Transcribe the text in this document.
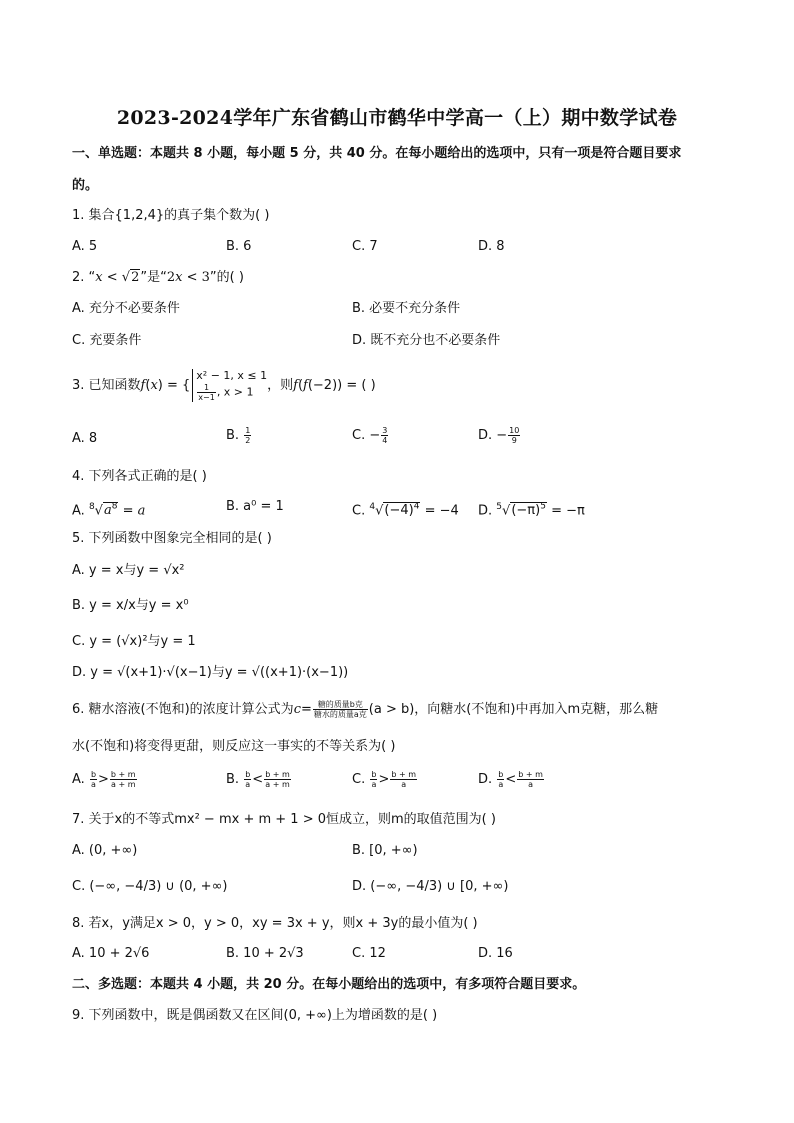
2023-2024学年广东省鹤山市鹤华中学高一（上）期中数学试卷
一、单选题：本题共 8 小题，每小题 5 分，共 40 分。在每小题给出的选项中，只有一项是符合题目要求
的。
1. 集合{1,2,4}的真子集个数为( )
A. 5	B. 6	C. 7	D. 8
2. “x < √2”是“2x < 3”的( )
A. 充分不必要条件	B. 必要不充分条件
C. 充要条件	D. 既不充分也不必要条件
3. 已知函数f(x) = {
x² − 1, x ≤ 1
$\frac{1}{x-1}$ , x > 1	，则f(f(−2)) = ( )
A. 8	B. $\frac{1}{2}$	C. − $\frac{3}{4}$	D. − $\frac{10}{9}$
4. 下列各式正确的是( )
A. $^8√a^8 = a$	B. a⁰ = 1	C. $^4√(-4)^4 = -4$ D. $^5√(-\pi)^5 = -\pi$
5. 下列函数中图象完全相同的是( )
A. y = x与y = √x²
B. y = x/x与y = x⁰
C. y = (√x)²与y = 1
D. y = √(x+1)·√(x−1)与y = √((x+1)·(x−1))
6. 糖水溶液(不饱和)的浓度计算公式为$c= \frac{\text{糖的质量b克}}{\text{糖水的质量a克}} (a > b)$，向糖水(不饱和)中再加入m克糖，那么糖
水(不饱和)将变得更甜，则反应这一事实的不等关系为( )
A. $\frac{b}{a} > \frac{b + m}{a + m}$	B. $\frac{b}{a} < \frac{b + m}{a + m}$	C. $\frac{b}{a} > \frac{b + m}{a}$	D. $\frac{b}{a} < \frac{b + m}{a}$
7. 关于x的不等式mx² − mx + m + 1 > 0恒成立，则m的取值范围为( )
A. (0, +∞)	B. [0, +∞)
C. (−∞, −4/3) ∪ (0, +∞)	D. (−∞, −4/3) ∪ [0, +∞)
8. 若x，y满足x > 0，y > 0，xy = 3x + y，则x + 3y的最小值为( )
A. 10 + 2√6	B. 10 + 2√3	C. 12	D. 16
二、多选题：本题共 4 小题，共 20 分。在每小题给出的选项中，有多项符合题目要求。
9. 下列函数中，既是偶函数又在区间(0, +∞)上为增函数的是( )
